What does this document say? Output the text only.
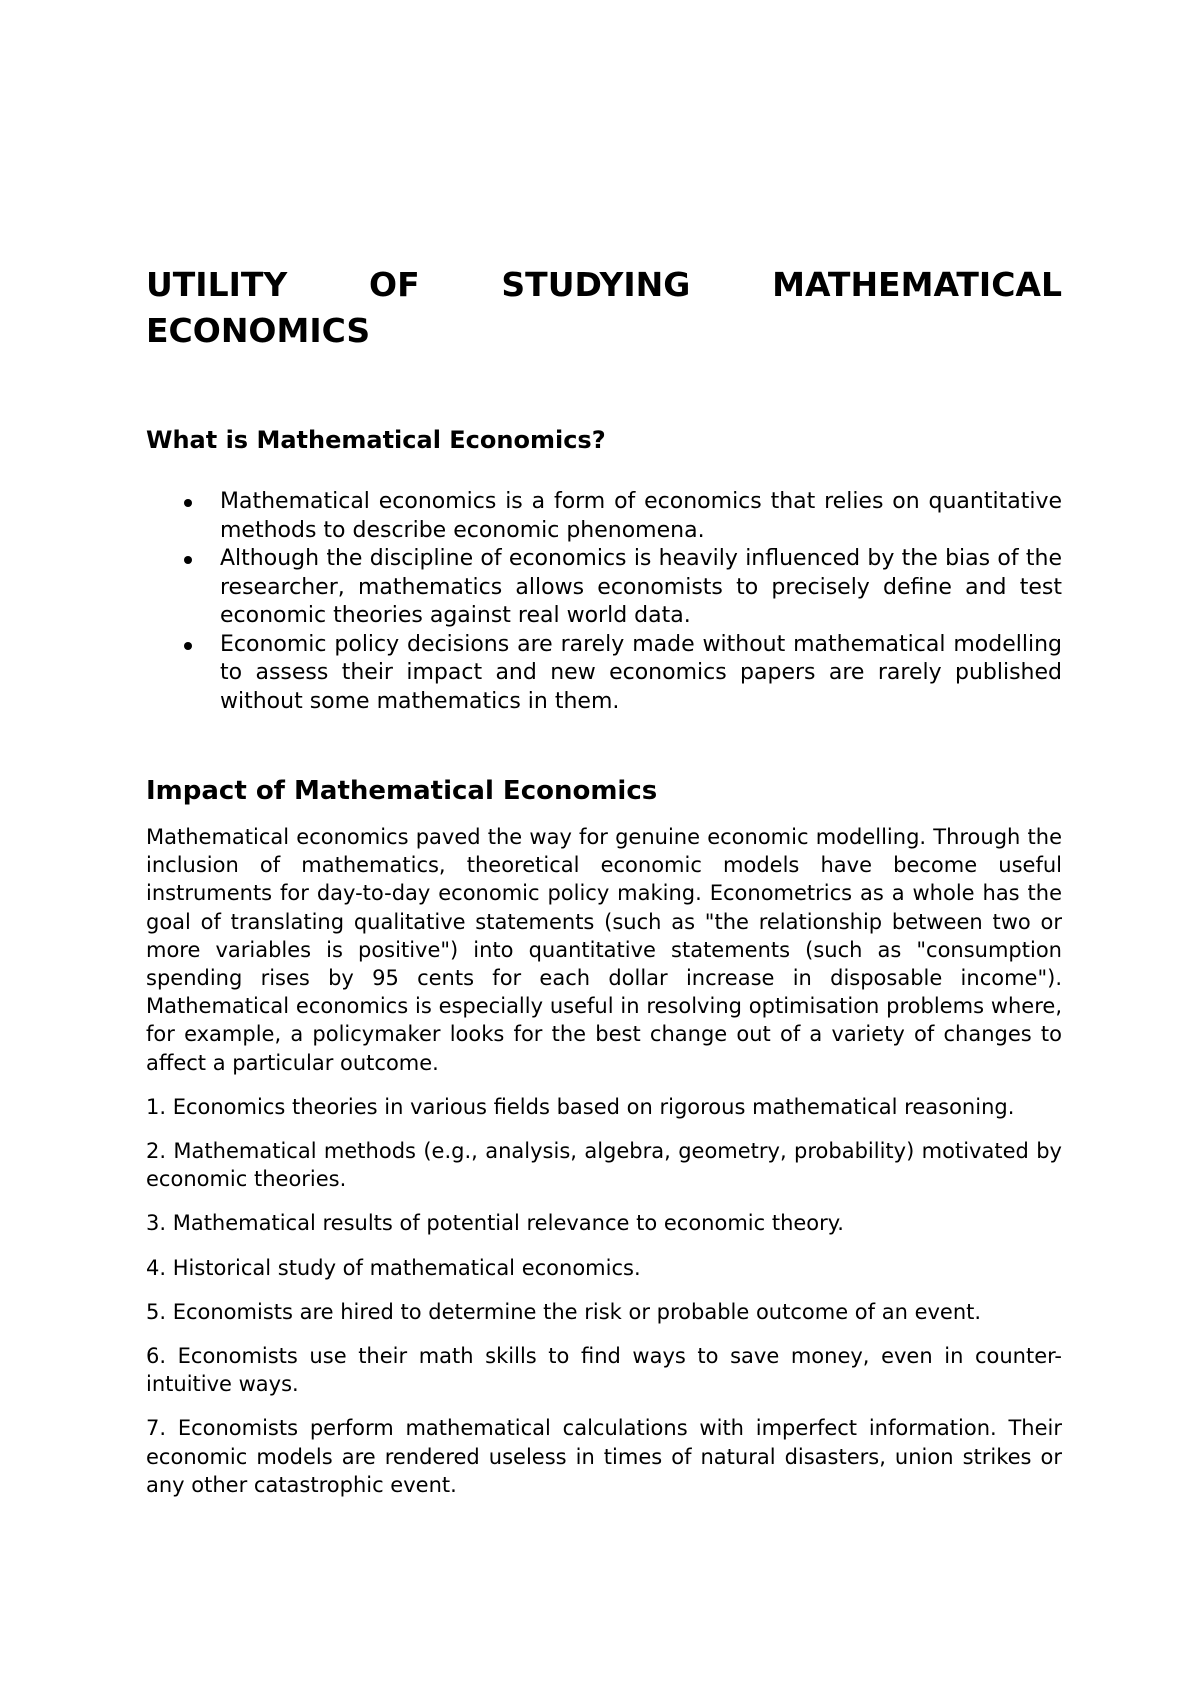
UTILITY OF STUDYING MATHEMATICAL ECONOMICS
What is Mathematical Economics?
Mathematical economics is a form of economics that relies on quantitative methods to describe economic phenomena.
Although the discipline of economics is heavily influenced by the bias of the researcher, mathematics allows economists to precisely define and test economic theories against real world data.
Economic policy decisions are rarely made without mathematical modelling to assess their impact and new economics papers are rarely published without some mathematics in them.
Impact of Mathematical Economics

Mathematical economics paved the way for genuine economic modelling. Through the inclusion of mathematics, theoretical economic models have become useful instruments for day-to-day economic policy making. Econometrics as a whole has the goal of translating qualitative statements (such as "the relationship between two or more variables is positive") into quantitative statements (such as "consumption spending rises by 95 cents for each dollar increase in disposable income"). Mathematical economics is especially useful in resolving optimisation problems where, for example, a policymaker looks for the best change out of a variety of changes to affect a particular outcome.

1. Economics theories in various fields based on rigorous mathematical reasoning.

2. Mathematical methods (e.g., analysis, algebra, geometry, probability) motivated by economic theories.

3. Mathematical results of potential relevance to economic theory.

4. Historical study of mathematical economics.

5. Economists are hired to determine the risk or probable outcome of an event.

6. Economists use their math skills to find ways to save money, even in counter-intuitive ways.

7. Economists perform mathematical calculations with imperfect information. Their economic models are rendered useless in times of natural disasters, union strikes or any other catastrophic event.
